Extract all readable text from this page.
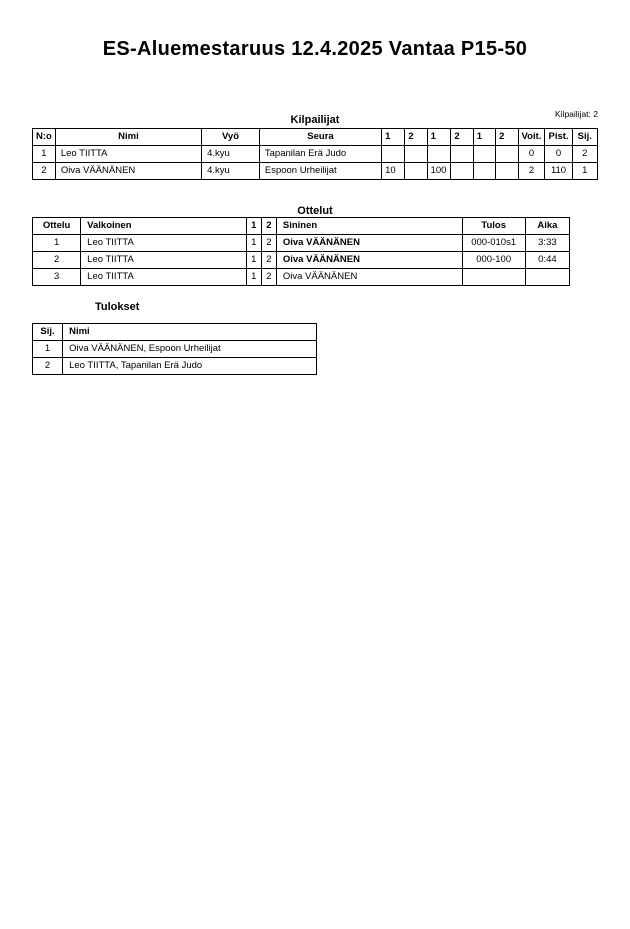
ES-Aluemestaruus 12.4.2025 Vantaa P15-50
Kilpailijat	Kilpailijat: 2
N:o	Nimi	Vyö	Seura	1	2	1	2	1	2	Voit.	Pist.	Sij.
1	Leo TIITTA	4.kyu	Tapanilan Erä Judo							0	0	2
2	Oiva VÄÄNÄNEN	4.kyu	Espoon Urheilijat	10		100				2	110	1
Ottelut
Ottelu	Valkoinen	1	2	Sininen	Tulos	Aika
1	Leo TIITTA	1	2	Oiva VÄÄNÄNEN	000-010s1	3:33
2	Leo TIITTA	1	2	Oiva VÄÄNÄNEN	000-100	0:44
3	Leo TIITTA	1	2	Oiva VÄÄNÄNEN		
Tulokset
Sij.	Nimi
1	Oiva VÄÄNÄNEN, Espoon Urheilijat
2	Leo TIITTA, Tapanilan Erä Judo
